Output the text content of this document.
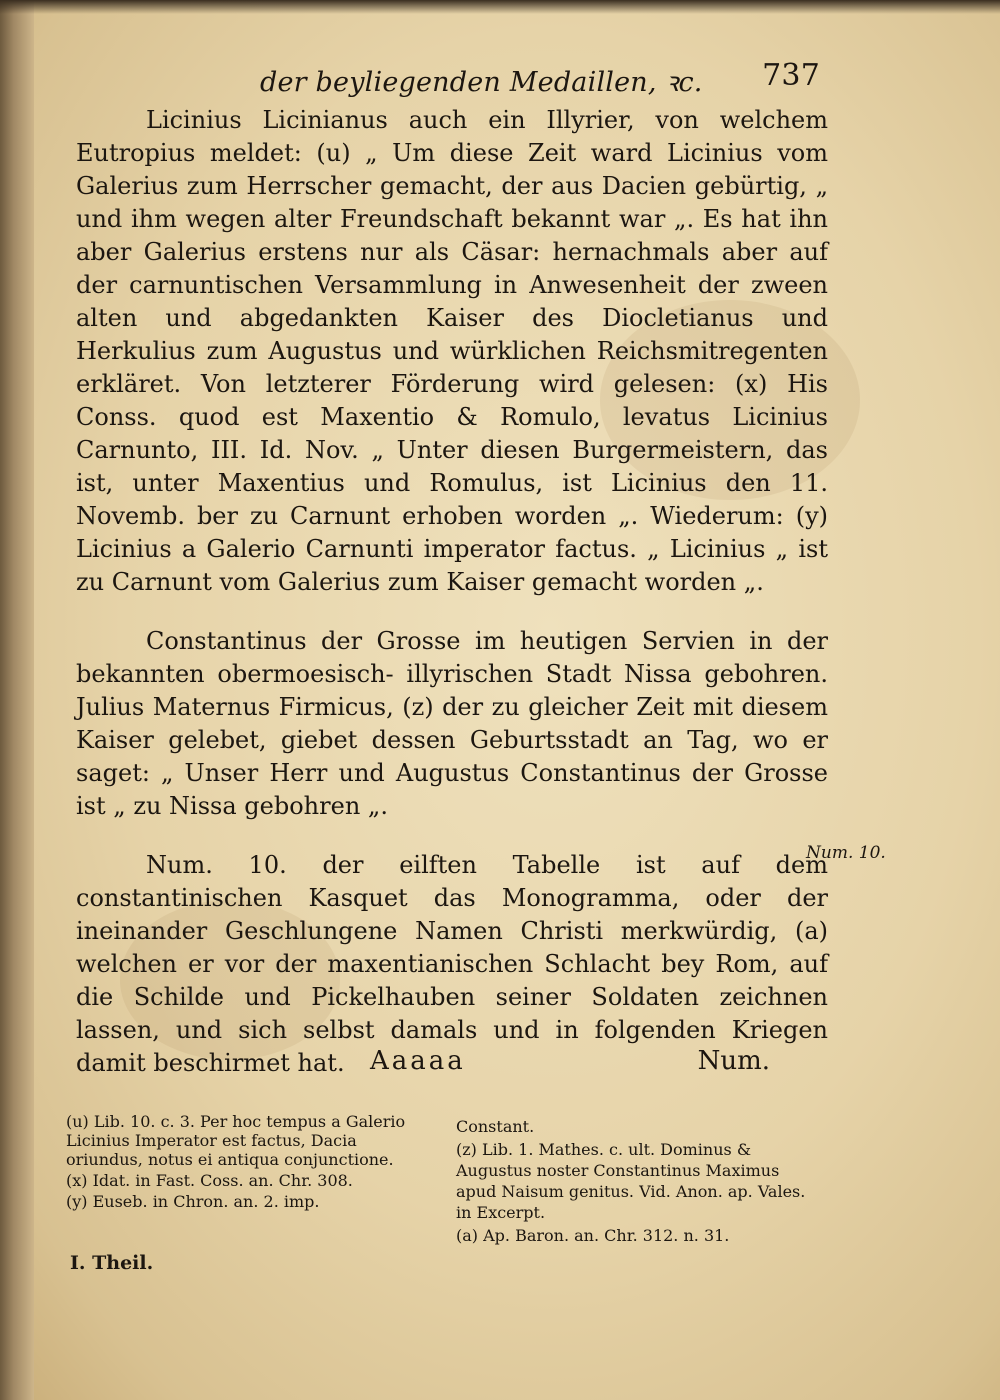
der beyliegenden Medaillen, ꝛc. 737

Licinius Licinianus auch ein Illyrier, von welchem Eutropius meldet: (u) „ Um diese Zeit ward Licinius vom Galerius zum Herrscher gemacht, der aus Dacien gebürtig, „ und ihm wegen alter Freundschaft bekannt war „. Es hat ihn aber Galerius erstens nur als Cäsar: hernachmals aber auf der carnuntischen Versammlung in Anwesenheit der zween alten und abgedankten Kaiser des Diocletianus und Herkulius zum Augustus und würklichen Reichsmitregenten erkläret. Von letzterer Förderung wird gelesen: (x) His Conss. quod est Maxentio & Romulo, levatus Licinius Carnunto, III. Id. Nov. „ Unter diesen Burgermeistern, das ist, unter Maxentius und Romulus, ist Licinius den 11. Novemb. ber zu Carnunt erhoben worden „. Wiederum: (y) Licinius a Galerio Carnunti imperator factus. „ Licinius „ ist zu Carnunt vom Galerius zum Kaiser gemacht worden „.

Constantinus der Grosse im heutigen Servien in der bekannten obermoesisch- illyrischen Stadt Nissa gebohren. Julius Maternus Firmicus, (z) der zu gleicher Zeit mit diesem Kaiser gelebet, giebet dessen Geburtsstadt an Tag, wo er saget: „ Unser Herr und Augustus Constantinus der Grosse ist „ zu Nissa gebohren „.

Num. 10. der eilften Tabelle ist auf dem constantinischen Kasquet das Monogramma, oder der ineinander Geschlungene Namen Christi merkwürdig, (a) welchen er vor der maxentianischen Schlacht bey Rom, auf die Schilde und Pickelhauben seiner Soldaten zeichnen lassen, und sich selbst damals und in folgenden Kriegen damit beschirmet hat.

Num. 10.
Aaaaa	Num.

(u) Lib. 10. c. 3. Per hoc tempus a Galerio Licinius Imperator est factus, Dacia oriundus, notus ei antiqua conjunctione.

(x) Idat. in Fast. Coss. an. Chr. 308.

(y) Euseb. in Chron. an. 2. imp.

I. Theil.

Constant.

(z) Lib. 1. Mathes. c. ult. Dominus & Augustus noster Constantinus Maximus apud Naisum genitus. Vid. Anon. ap. Vales. in Excerpt.

(a) Ap. Baron. an. Chr. 312. n. 31.
